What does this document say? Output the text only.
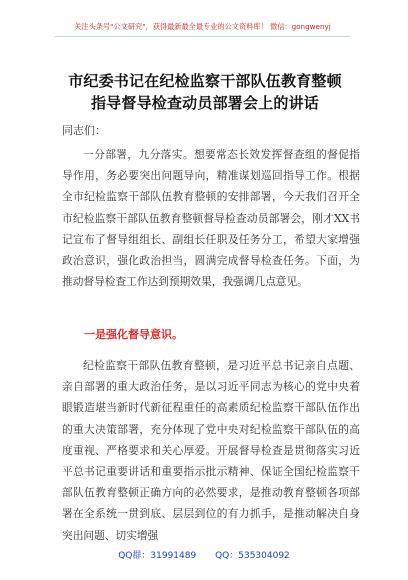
关注头条号"公文研究"，获得最新最全最专业的公文资料库！ 微信：gongwenyj
市纪委书记在纪检监察干部队伍教育整顿
指导督导检查动员部署会上的讲话
同志们：

一分部署，九分落实。想要常态长效发挥督查组的督促指导作用，务必要突出问题导向，精准谋划巡回指导工作。根据全市纪检监察干部队伍教育整顿的安排部署，今天我们召开全市纪检监察干部队伍教育整顿督导检查动员部署会，刚才XX书记宣布了督导组组长、副组长任职及任务分工，希望大家增强政治意识，强化政治担当，圆满完成督导检查任务。下面，为推动督导检查工作达到预期效果，我强调几点意见。

一是强化督导意识。

纪检监察干部队伍教育整顿，是习近平总书记亲自点题、亲自部署的重大政治任务，是以习近平同志为核心的党中央着眼锻造堪当新时代新征程重任的高素质纪检监察干部队伍作出的重大决策部署，充分体现了党中央对纪检监察干部队伍的高度重视、严格要求和关心厚爱。开展督导检查是贯彻落实习近平总书记重要讲话和重要指示批示精神、保证全国纪检监察干部队伍教育整顿正确方向的必然要求，是推动教育整顿各项部署在全系统一贯到底、层层到位的有力抓手，是推动解决自身突出问题、切实增强

QQ群：31991489 QQ：535304092
